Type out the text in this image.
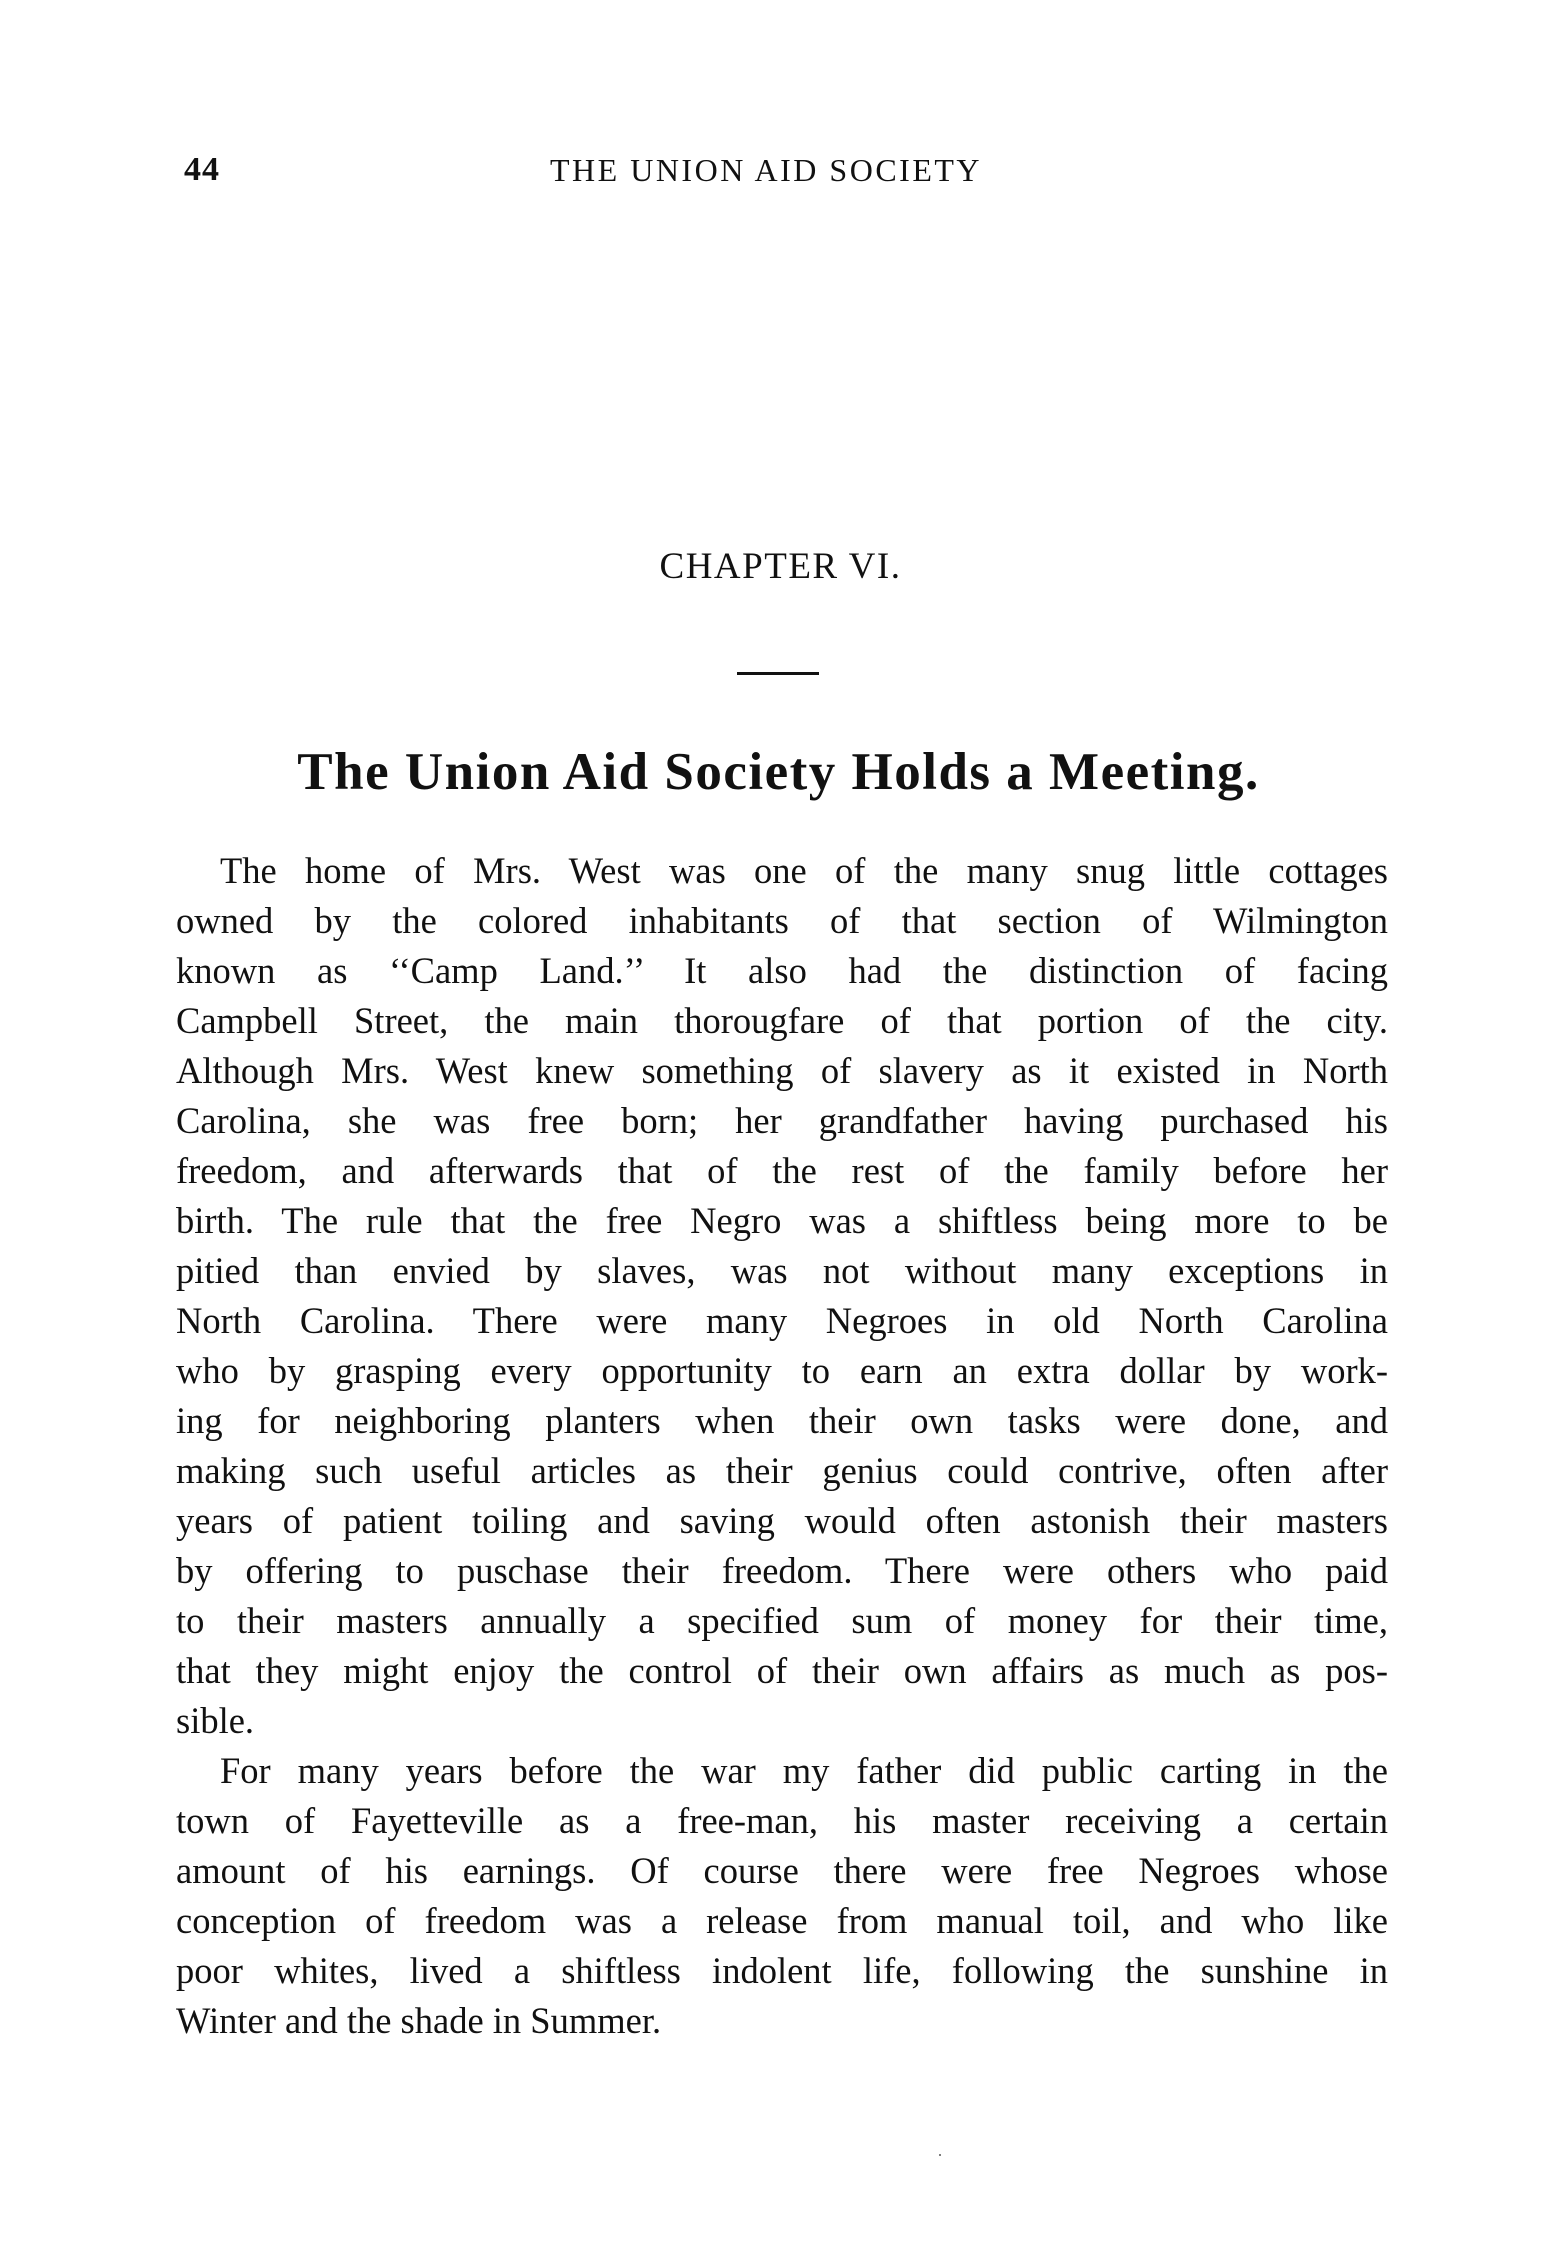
44	THE UNION AID SOCIETY
CHAPTER VI.
The Union Aid Society Holds a Meeting.
The home of Mrs. West was one of the many snug little cottages
owned by the colored inhabitants of that section of Wilmington
known as ‘‘Camp Land.’’ It also had the distinction of facing
Campbell Street, the main thorougfare of that portion of the city.
Although Mrs. West knew something of slavery as it existed in North
Carolina, she was free born; her grandfather having purchased his
freedom, and afterwards that of the rest of the family before her
birth. The rule that the free Negro was a shiftless being more to be
pitied than envied by slaves, was not without many exceptions in
North Carolina. There were many Negroes in old North Carolina
who by grasping every opportunity to earn an extra dollar by work-
ing for neighboring planters when their own tasks were done, and
making such useful articles as their genius could contrive, often after
years of patient toiling and saving would often astonish their masters
by offering to puschase their freedom. There were others who paid
to their masters annually a specified sum of money for their time,
that they might enjoy the control of their own affairs as much as pos-
sible.
For many years before the war my father did public carting in the
town of Fayetteville as a free-man, his master receiving a certain
amount of his earnings. Of course there were free Negroes whose
conception of freedom was a release from manual toil, and who like
poor whites, lived a shiftless indolent life, following the sunshine in
Winter and the shade in Summer.
